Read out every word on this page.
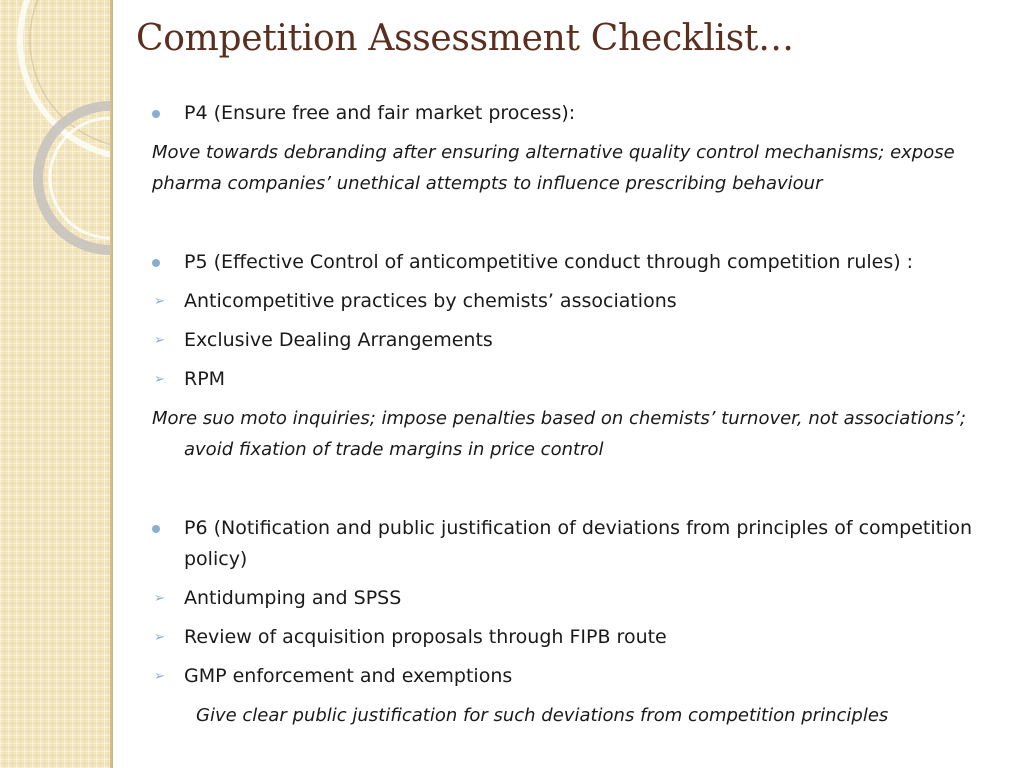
Competition Assessment Checklist…
P4 (Ensure free and fair market process):
Move towards debranding after ensuring alternative quality control mechanisms; expose pharma companies’ unethical attempts to influence prescribing behaviour
P5 (Effective Control of anticompetitive conduct through competition rules) :
➢	Anticompetitive practices by chemists’ associations
➢	Exclusive Dealing Arrangements
➢	RPM
More suo moto inquiries; impose penalties based on chemists’ turnover, not associations’; avoid fixation of trade margins in price control
P6 (Notification and public justification of deviations from principles of competition policy)
➢	Antidumping and SPSS
➢	Review of acquisition proposals through FIPB route
➢	GMP enforcement and exemptions
Give clear public justification for such deviations from competition principles
